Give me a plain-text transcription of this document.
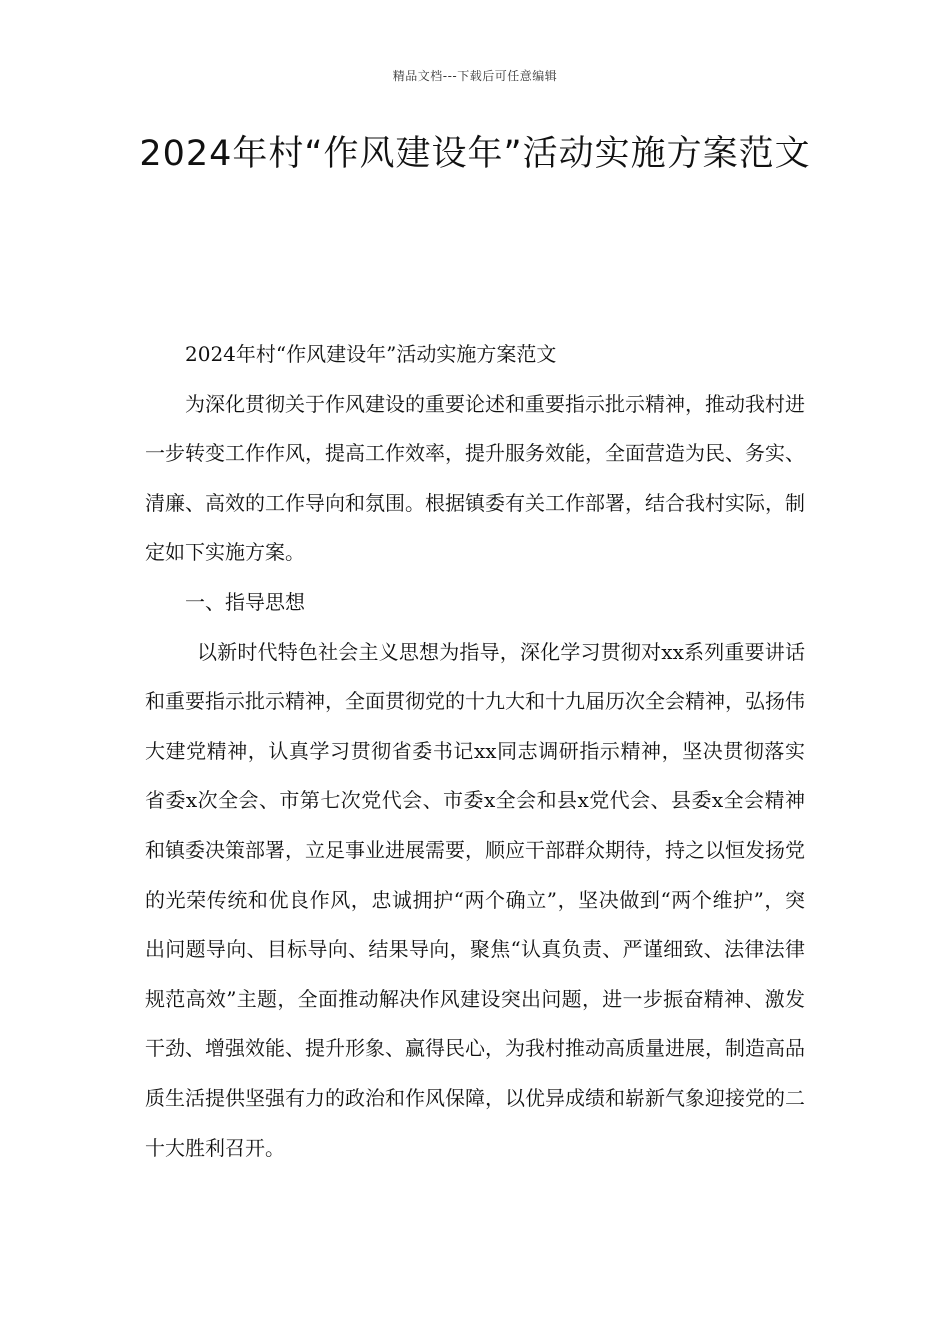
精品文档---下载后可任意编辑
2024年村“作风建设年”活动实施方案范文

2024年村“作风建设年”活动实施方案范文

为深化贯彻关于作风建设的重要论述和重要指示批示精神，推动我村进一步转变工作作风，提高工作效率，提升服务效能，全面营造为民、务实、清廉、高效的工作导向和氛围。根据镇委有关工作部署，结合我村实际，制定如下实施方案。

一、指导思想

以新时代特色社会主义思想为指导，深化学习贯彻对xx系列重要讲话和重要指示批示精神，全面贯彻党的十九大和十九届历次全会精神，弘扬伟大建党精神，认真学习贯彻省委书记xx同志调研指示精神，坚决贯彻落实省委x次全会、市第七次党代会、市委x全会和县x党代会、县委x全会精神和镇委决策部署，立足事业进展需要，顺应干部群众期待，持之以恒发扬党的光荣传统和优良作风，忠诚拥护“两个确立”，坚决做到“两个维护”，突出问题导向、目标导向、结果导向，聚焦“认真负责、严谨细致、法律法律规范高效”主题，全面推动解决作风建设突出问题，进一步振奋精神、激发干劲、增强效能、提升形象、赢得民心，为我村推动高质量进展，制造高品质生活提供坚强有力的政治和作风保障，以优异成绩和崭新气象迎接党的二十大胜利召开。
